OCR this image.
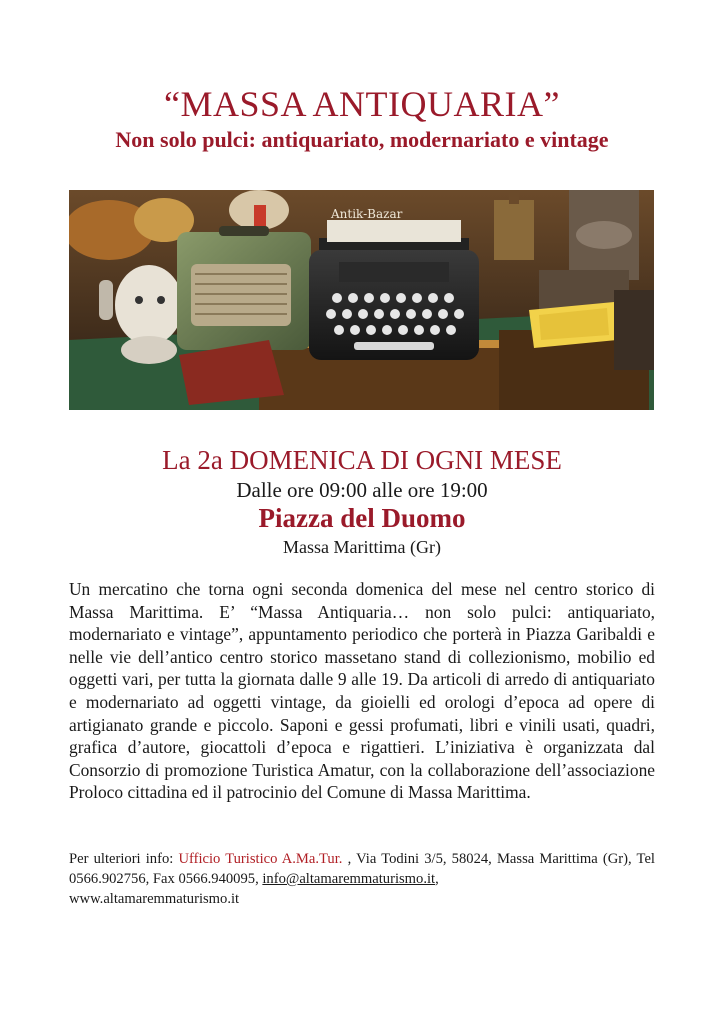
“MASSA ANTIQUARIA”
Non solo pulci: antiquariato, modernariato e vintage
Antik-Bazar
La 2a DOMENICA DI OGNI MESE
Dalle ore 09:00 alle ore 19:00
Piazza del Duomo
Massa Marittima (Gr)
Un mercatino che torna ogni seconda domenica del mese nel centro storico di Massa Marittima. E’ “Massa Antiquaria… non solo pulci: antiquariato, modernariato e vintage”, appuntamento periodico che porterà in Piazza Garibaldi e nelle vie dell’antico centro storico massetano stand di collezionismo, mobilio ed oggetti vari, per tutta la giornata dalle 9 alle 19. Da articoli di arredo di antiquariato e modernariato ad oggetti vintage, da gioielli ed orologi d’epoca ad opere di artigianato grande e piccolo. Saponi e gessi profumati, libri e vinili usati, quadri, grafica d’autore, giocattoli d’epoca e rigattieri. L’iniziativa è organizzata dal Consorzio di promozione Turistica Amatur, con la collaborazione dell’associazione Proloco cittadina ed il patrocinio del Comune di Massa Marittima.
Per ulteriori info: Ufficio Turistico A.Ma.Tur. , Via Todini 3/5, 58024, Massa Marittima (Gr), Tel 0566.902756, Fax 0566.940095, info@altamaremmaturismo.it,
www.altamaremmaturismo.it
